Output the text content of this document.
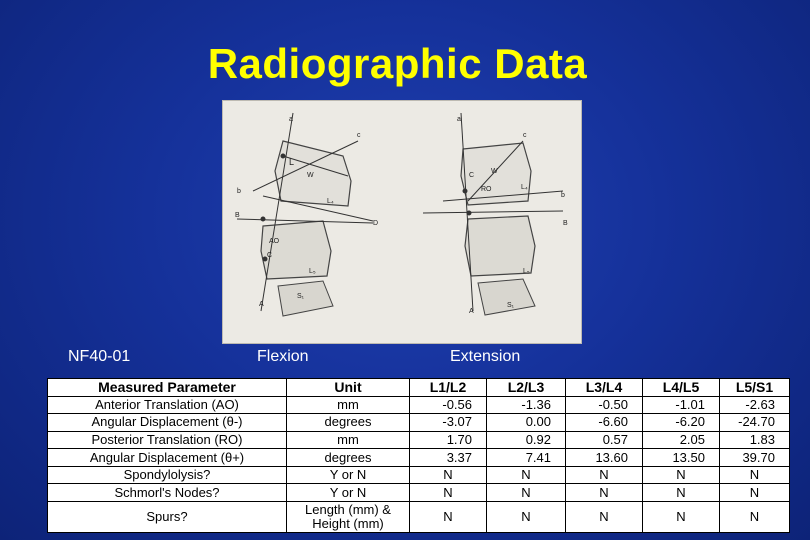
Radiographic Data
a
c
L
W
L₄
b
B
D
AO
C
L₅
S₁
A
a
c
C
W
RO	L₄
b
B
L₅
S₁
A
NF40-01	Flexion	Extension
Measured Parameter	Unit	L1/L2	L2/L3	L3/L4	L4/L5	L5/S1
Anterior Translation (AO)	mm	-0.56	-1.36	-0.50	-1.01	-2.63
Angular Displacement (θ-)	degrees	-3.07	0.00	-6.60	-6.20	-24.70
Posterior Translation (RO)	mm	1.70	0.92	0.57	2.05	1.83
Angular Displacement (θ+)	degrees	3.37	7.41	13.60	13.50	39.70
Spondylolysis?	Y or N	N	N	N	N	N
Schmorl's Nodes?	Y or N	N	N	N	N	N
Spurs?	Length (mm) & Height (mm)	N	N	N	N	N
